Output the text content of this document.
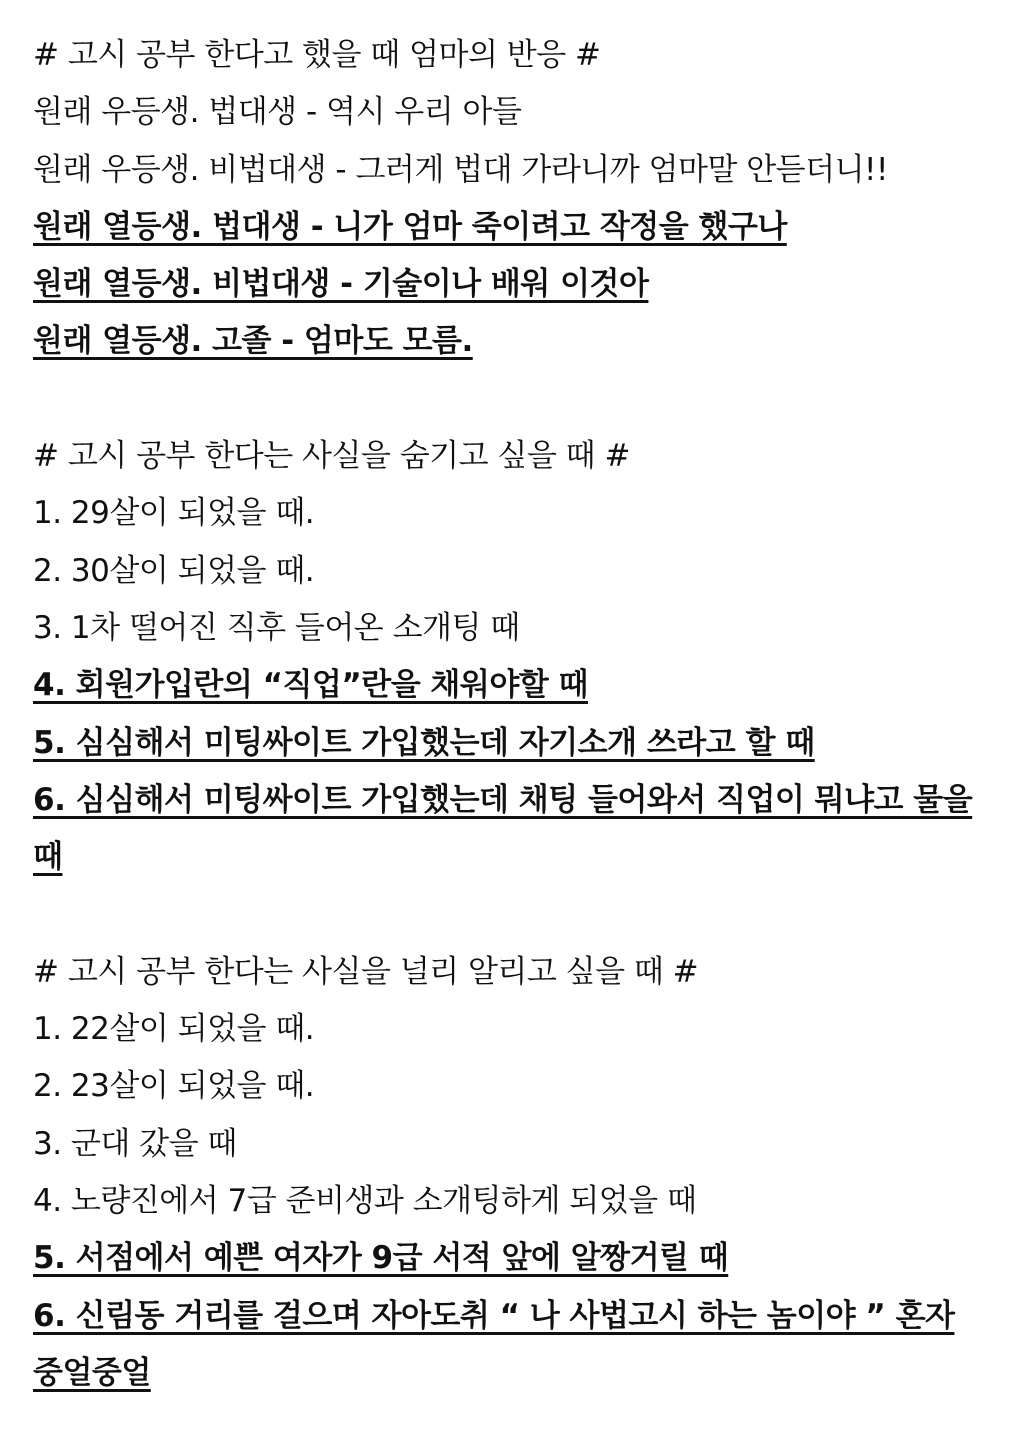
# 고시 공부 한다고 했을 때 엄마의 반응 #
원래 우등생. 법대생 - 역시 우리 아들
원래 우등생. 비법대생 - 그러게 법대 가라니까 엄마말 안듣더니!!
원래 열등생. 법대생 - 니가 엄마 죽이려고 작정을 했구나
원래 열등생. 비법대생 - 기술이나 배워 이것아
원래 열등생. 고졸 - 엄마도 모름.
# 고시 공부 한다는 사실을 숨기고 싶을 때 #
1. 29살이 되었을 때.
2. 30살이 되었을 때.
3. 1차 떨어진 직후 들어온 소개팅 때
4. 회원가입란의 “직업”란을 채워야할 때
5. 심심해서 미팅싸이트 가입했는데 자기소개 쓰라고 할 때
6. 심심해서 미팅싸이트 가입했는데 채팅 들어와서 직업이 뭐냐고 물을 때
# 고시 공부 한다는 사실을 널리 알리고 싶을 때 #
1. 22살이 되었을 때.
2. 23살이 되었을 때.
3. 군대 갔을 때
4. 노량진에서 7급 준비생과 소개팅하게 되었을 때
5. 서점에서 예쁜 여자가 9급 서적 앞에 알짱거릴 때
6. 신림동 거리를 걸으며 자아도취 “ 나 사법고시 하는 놈이야 ” 혼자 중얼중얼
